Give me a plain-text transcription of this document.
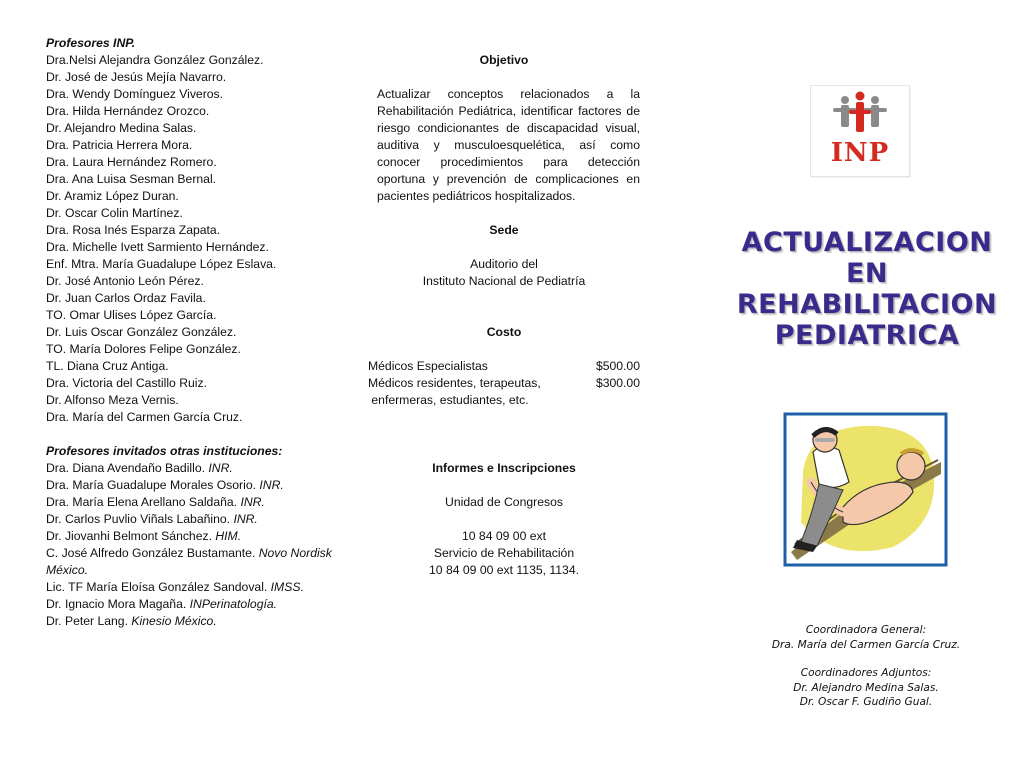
Profesores INP.
Dra.Nelsi Alejandra González González.
Dr. José de Jesús Mejía Navarro.
Dra. Wendy Domínguez Viveros.
Dra. Hilda Hernández Orozco.
Dr. Alejandro Medina Salas.
Dra. Patricia Herrera Mora.
Dra. Laura Hernández Romero.
Dra. Ana Luisa Sesman Bernal.
Dr. Aramiz López Duran.
Dr. Oscar Colin Martínez.
Dra. Rosa Inés Esparza Zapata.
Dra. Michelle Ivett Sarmiento Hernández.
Enf. Mtra. María Guadalupe López Eslava.
Dr. José Antonio León Pérez.
Dr. Juan Carlos Ordaz Favila.
TO. Omar Ulises López García.
Dr. Luis Oscar González González.
TO. María Dolores Felipe González.
TL. Diana Cruz Antiga.
Dra. Victoria del Castillo Ruiz.
Dr. Alfonso Meza Vernis.
Dra. María del Carmen García Cruz.
Profesores invitados otras instituciones:
Dra. Diana Avendaño Badillo. INR.
Dra. María Guadalupe Morales Osorio. INR.
Dra. María Elena Arellano Saldaña. INR.
Dr. Carlos Puvlio Viñals Labañino. INR.
Dr. Jiovanhi Belmont Sánchez. HIM.
C. José Alfredo González Bustamante. Novo Nordisk México.
Lic. TF María Eloísa González Sandoval. IMSS.
Dr. Ignacio Mora Magaña. INPerinatología.
Dr. Peter Lang. Kinesio México.
Objetivo
Actualizar conceptos relacionados a la Rehabilitación Pediátrica, identificar factores de riesgo condicionantes de discapacidad visual, auditiva y musculoesquelética, así como conocer procedimientos para detección oportuna y prevención de complicaciones en pacientes pediátricos hospitalizados.
Sede
Auditorio del
Instituto Nacional de Pediatría
Costo
Médicos Especialistas	$500.00
Médicos residentes, terapeutas,	$300.00
enfermeras, estudiantes, etc.
Informes e Inscripciones
Unidad de Congresos
10 84 09 00 ext
Servicio de Rehabilitación
10 84 09 00 ext 1135, 1134.
INP
ACTUALIZACION
EN
REHABILITACION
PEDIATRICA
Coordinadora General:
Dra. María del Carmen García Cruz.
Coordinadores Adjuntos:
Dr. Alejandro Medina Salas.
Dr. Oscar F. Gudiño Gual.
